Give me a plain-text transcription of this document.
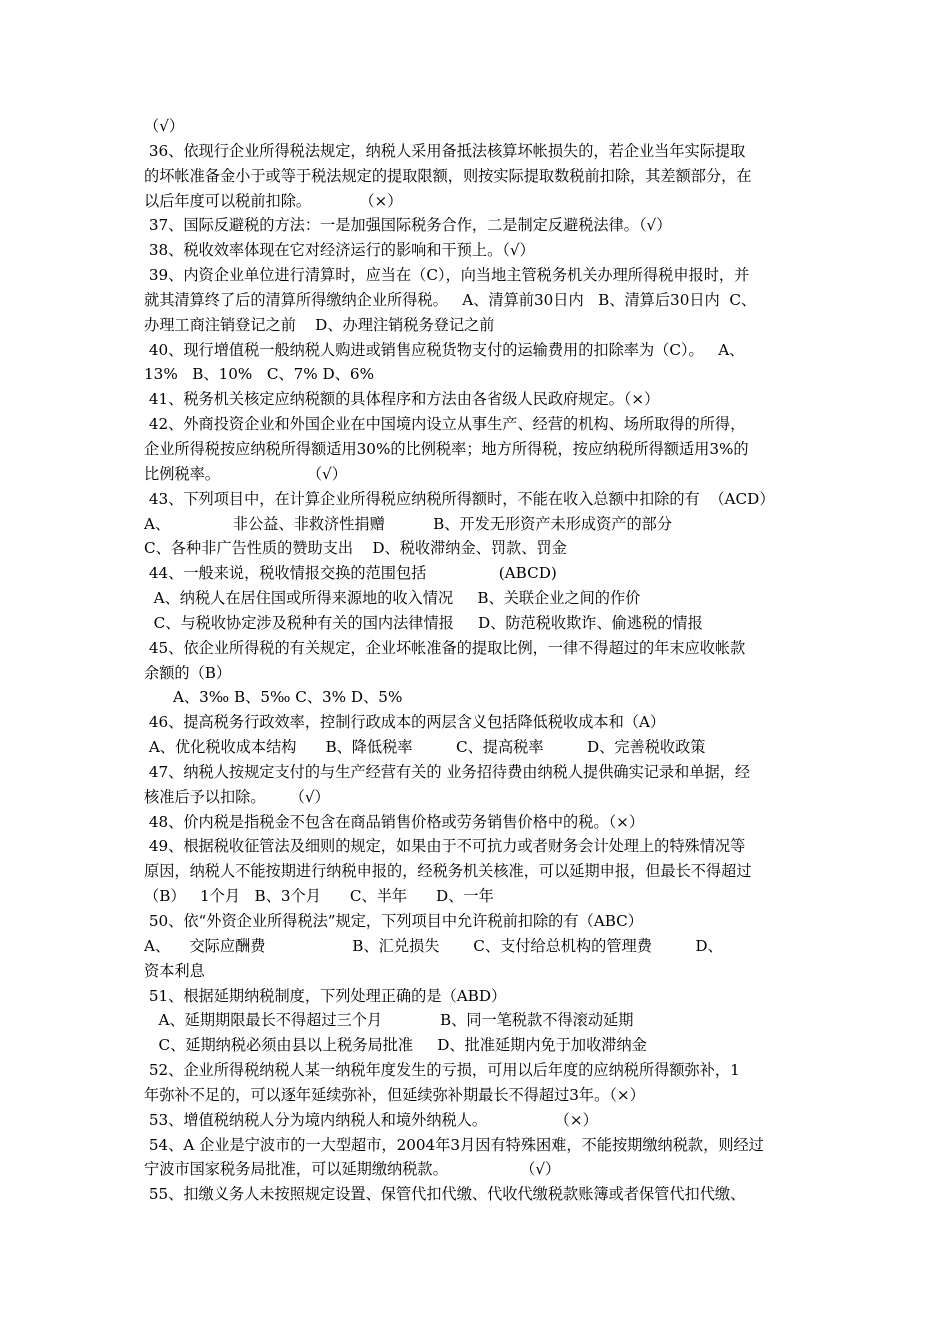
（√）
36、依现行企业所得税法规定，纳税人采用备抵法核算坏帐损失的，若企业当年实际提取
的坏帐准备金小于或等于税法规定的提取限额，则按实际提取数税前扣除，其差额部分，在
以后年度可以税前扣除。          （×）
37、国际反避税的方法：一是加强国际税务合作，二是制定反避税法律。（√）
38、税收效率体现在它对经济运行的影响和干预上。（√）
39、内资企业单位进行清算时，应当在（C），向当地主管税务机关办理所得税申报时，并
就其清算终了后的清算所得缴纳企业所得税。   A、清算前30日内   B、清算后30日内  C、
办理工商注销登记之前    D、办理注销税务登记之前
40、现行增值税一般纳税人购进或销售应税货物支付的运输费用的扣除率为（C）。   A、
13%   B、10%   C、7% D、6%
41、税务机关核定应纳税额的具体程序和方法由各省级人民政府规定。（×）
42、外商投资企业和外国企业在中国境内设立从事生产、经营的机构、场所取得的所得，
企业所得税按应纳税所得额适用30%的比例税率；地方所得税，按应纳税所得额适用3%的
比例税率。                  （√）
43、下列项目中，在计算企业所得税应纳税所得额时，不能在收入总额中扣除的有  （ACD）
A、             非公益、非救济性捐赠          B、开发无形资产未形成资产的部分
C、各种非广告性质的赞助支出    D、税收滞纳金、罚款、罚金
44、一般来说，税收情报交换的范围包括               (ABCD)
A、纳税人在居住国或所得来源地的收入情况     B、关联企业之间的作价
C、与税收协定涉及税种有关的国内法律情报     D、防范税收欺诈、偷逃税的情报
45、依企业所得税的有关规定，企业坏帐准备的提取比例，一律不得超过的年末应收帐款
余额的（B）
A、3‰ B、5‰ C、3% D、5%
46、提高税务行政效率，控制行政成本的两层含义包括降低税收成本和（A）
A、优化税收成本结构      B、降低税率         C、提高税率         D、完善税收政策
47、纳税人按规定支付的与生产经营有关的 业务招待费由纳税人提供确实记录和单据，经
核准后予以扣除。     （√）
48、价内税是指税金不包含在商品销售价格或劳务销售价格中的税。（×）
49、根据税收征管法及细则的规定，如果由于不可抗力或者财务会计处理上的特殊情况等
原因，纳税人不能按期进行纳税申报的，经税务机关核准，可以延期申报，但最长不得超过
（B）   1个月   B、3个月      C、半年      D、一年
50、依“外资企业所得税法”规定，下列项目中允许税前扣除的有（ABC）
A、    交际应酬费                  B、汇兑损失       C、支付给总机构的管理费         D、
资本利息
51、根据延期纳税制度，下列处理正确的是（ABD）
A、延期期限最长不得超过三个月            B、同一笔税款不得滚动延期
C、延期纳税必须由县以上税务局批准     D、批准延期内免于加收滞纳金
52、企业所得税纳税人某一纳税年度发生的亏损，可用以后年度的应纳税所得额弥补，1
年弥补不足的，可以逐年延续弥补，但延续弥补期最长不得超过3年。（×）
53、增值税纳税人分为境内纳税人和境外纳税人。              （×）
54、A 企业是宁波市的一大型超市，2004年3月因有特殊困难，不能按期缴纳税款，则经过
宁波市国家税务局批准，可以延期缴纳税款。               （√）
55、扣缴义务人未按照规定设置、保管代扣代缴、代收代缴税款账簿或者保管代扣代缴、
